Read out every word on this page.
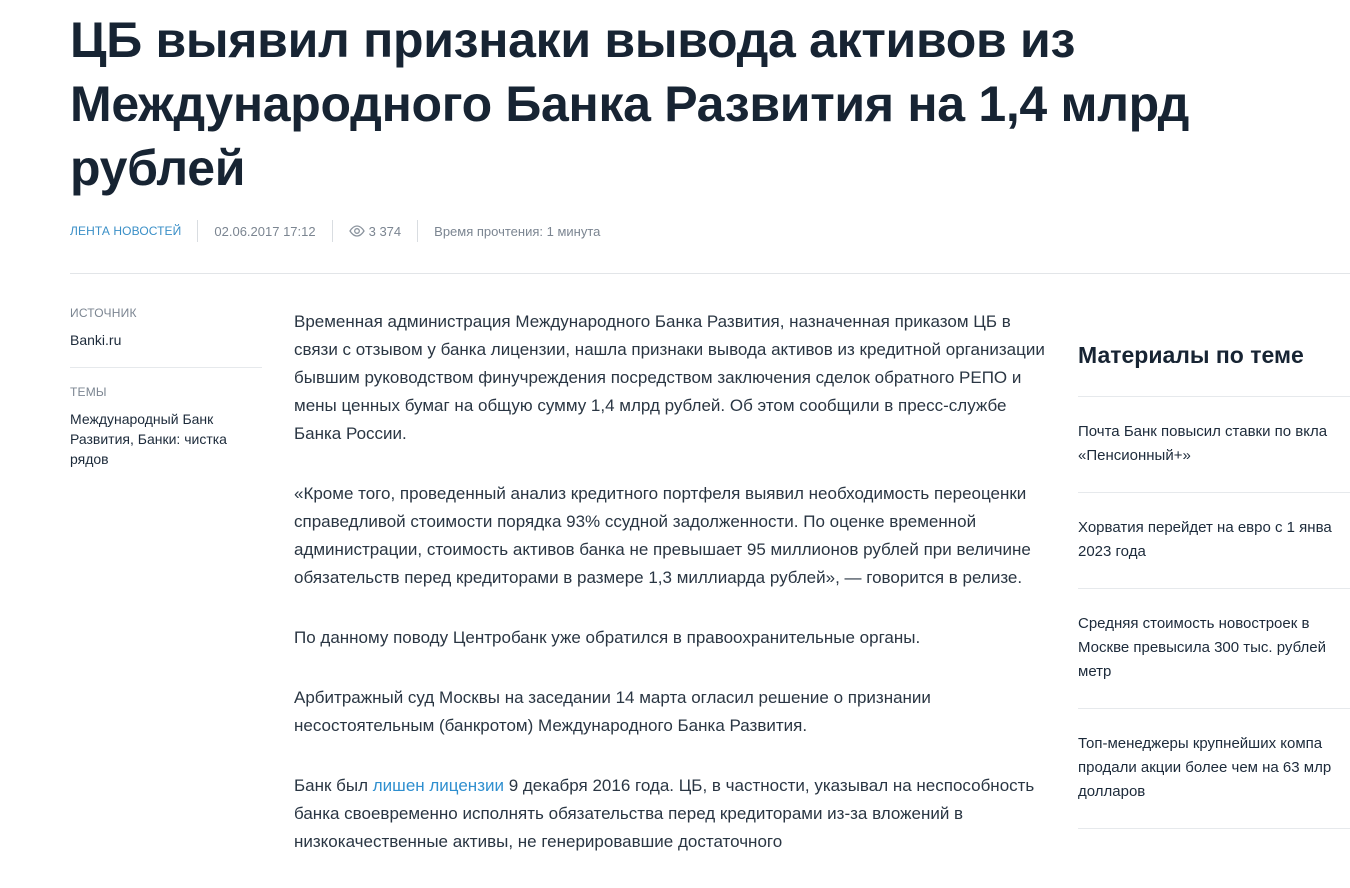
ЦБ выявил признаки вывода активов из Международного Банка Развития на 1,4 млрд рублей
ЛЕНТА НОВОСТЕЙ	02.06.2017 17:12	3 374	Время прочтения: 1 минута
ИСТОЧНИК
Banki.ru
ТЕМЫ
Международный Банк Развития, Банки: чистка рядов

Временная администрация Международного Банка Развития, назначенная приказом ЦБ в связи с отзывом у банка лицензии, нашла признаки вывода активов из кредитной организации бывшим руководством финучреждения посредством заключения сделок обратного РЕПО и мены ценных бумаг на общую сумму 1,4 млрд рублей. Об этом сообщили в пресс-службе Банка России.

«Кроме того, проведенный анализ кредитного портфеля выявил необходимость переоценки справедливой стоимости порядка 93% ссудной задолженности. По оценке временной администрации, стоимость активов банка не превышает 95 миллионов рублей при величине обязательств перед кредиторами в размере 1,3 миллиарда рублей», — говорится в релизе.

По данному поводу Центробанк уже обратился в правоохранительные органы.

Арбитражный суд Москвы на заседании 14 марта огласил решение о признании несостоятельным (банкротом) Международного Банка Развития.

Банк был лишен лицензии 9 декабря 2016 года. ЦБ, в частности, указывал на неспособность банка своевременно исполнять обязательства перед кредиторами из-за вложений в низкокачественные активы, не генерировавшие достаточного

Материалы по теме
Почта Банк повысил ставки по вкла
«Пенсионный+»
Хорватия перейдет на евро с 1 янва
2023 года
Средняя стоимость новостроек в
Москве превысила 300 тыс. рублей
метр
Топ-менеджеры крупнейших компа
продали акции более чем на 63 млр
долларов
